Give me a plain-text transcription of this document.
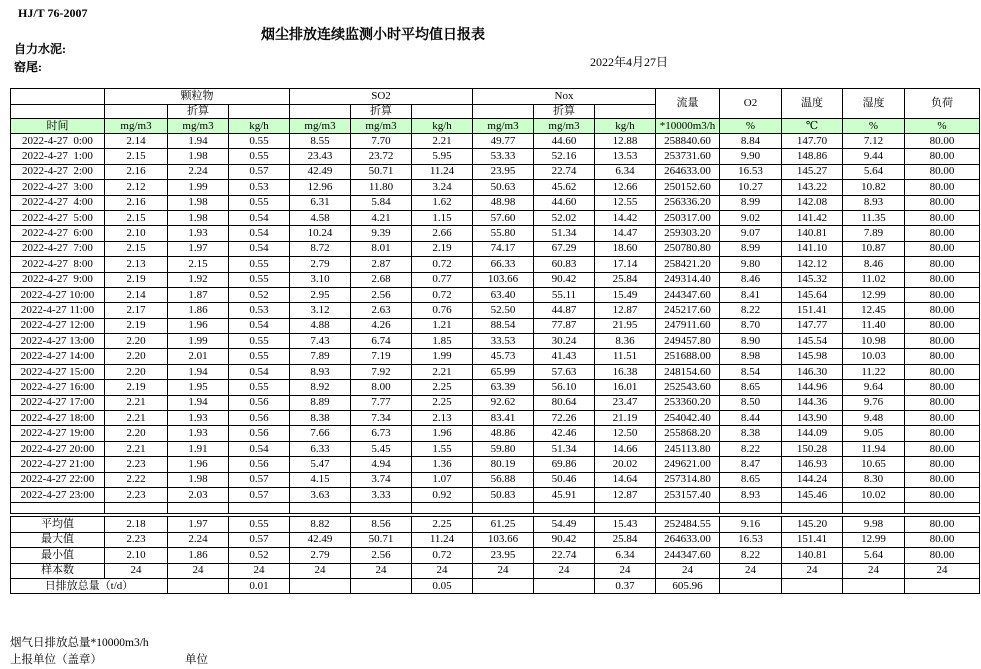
HJ/T 76-2007
烟尘排放连续监测小时平均值日报表
自力水泥:
窑尾:	2022年4月27日
	颗粒物			SO2			Nox			流量	O2	温度	湿度	负荷
		折算			折算			折算						
时间	mg/m3	mg/m3	kg/h	mg/m3	mg/m3	kg/h	mg/m3	mg/m3	kg/h	*10000m3/h	%	℃	%	%
2022-4-27  0:00	2.14	1.94	0.55	8.55	7.70	2.21	49.77	44.60	12.88	258840.60	8.84	147.70	7.12	80.00
2022-4-27  1:00	2.15	1.98	0.55	23.43	23.72	5.95	53.33	52.16	13.53	253731.60	9.90	148.86	9.44	80.00
2022-4-27  2:00	2.16	2.24	0.57	42.49	50.71	11.24	23.95	22.74	6.34	264633.00	16.53	145.27	5.64	80.00
2022-4-27  3:00	2.12	1.99	0.53	12.96	11.80	3.24	50.63	45.62	12.66	250152.60	10.27	143.22	10.82	80.00
2022-4-27  4:00	2.16	1.98	0.55	6.31	5.84	1.62	48.98	44.60	12.55	256336.20	8.99	142.08	8.93	80.00
2022-4-27  5:00	2.15	1.98	0.54	4.58	4.21	1.15	57.60	52.02	14.42	250317.00	9.02	141.42	11.35	80.00
2022-4-27  6:00	2.10	1.93	0.54	10.24	9.39	2.66	55.80	51.34	14.47	259303.20	9.07	140.81	7.89	80.00
2022-4-27  7:00	2.15	1.97	0.54	8.72	8.01	2.19	74.17	67.29	18.60	250780.80	8.99	141.10	10.87	80.00
2022-4-27  8:00	2.13	2.15	0.55	2.79	2.87	0.72	66.33	60.83	17.14	258421.20	9.80	142.12	8.46	80.00
2022-4-27  9:00	2.19	1.92	0.55	3.10	2.68	0.77	103.66	90.42	25.84	249314.40	8.46	145.32	11.02	80.00
2022-4-27 10:00	2.14	1.87	0.52	2.95	2.56	0.72	63.40	55.11	15.49	244347.60	8.41	145.64	12.99	80.00
2022-4-27 11:00	2.17	1.86	0.53	3.12	2.63	0.76	52.50	44.87	12.87	245217.60	8.22	151.41	12.45	80.00
2022-4-27 12:00	2.19	1.96	0.54	4.88	4.26	1.21	88.54	77.87	21.95	247911.60	8.70	147.77	11.40	80.00
2022-4-27 13:00	2.20	1.99	0.55	7.43	6.74	1.85	33.53	30.24	8.36	249457.80	8.90	145.54	10.98	80.00
2022-4-27 14:00	2.20	2.01	0.55	7.89	7.19	1.99	45.73	41.43	11.51	251688.00	8.98	145.98	10.03	80.00
2022-4-27 15:00	2.20	1.94	0.54	8.93	7.92	2.21	65.99	57.63	16.38	248154.60	8.54	146.30	11.22	80.00
2022-4-27 16:00	2.19	1.95	0.55	8.92	8.00	2.25	63.39	56.10	16.01	252543.60	8.65	144.96	9.64	80.00
2022-4-27 17:00	2.21	1.94	0.56	8.89	7.77	2.25	92.62	80.64	23.47	253360.20	8.50	144.36	9.76	80.00
2022-4-27 18:00	2.21	1.93	0.56	8.38	7.34	2.13	83.41	72.26	21.19	254042.40	8.44	143.90	9.48	80.00
2022-4-27 19:00	2.20	1.93	0.56	7.66	6.73	1.96	48.86	42.46	12.50	255868.20	8.38	144.09	9.05	80.00
2022-4-27 20:00	2.21	1.91	0.54	6.33	5.45	1.55	59.80	51.34	14.66	245113.80	8.22	150.28	11.94	80.00
2022-4-27 21:00	2.23	1.96	0.56	5.47	4.94	1.36	80.19	69.86	20.02	249621.00	8.47	146.93	10.65	80.00
2022-4-27 22:00	2.22	1.98	0.57	4.15	3.74	1.07	56.88	50.46	14.64	257314.80	8.65	144.24	8.30	80.00
2022-4-27 23:00	2.23	2.03	0.57	3.63	3.33	0.92	50.83	45.91	12.87	253157.40	8.93	145.46	10.02	80.00

平均值	2.18	1.97	0.55	8.82	8.56	2.25	61.25	54.49	15.43	252484.55	9.16	145.20	9.98	80.00
最大值	2.23	2.24	0.57	42.49	50.71	11.24	103.66	90.42	25.84	264633.00	16.53	151.41	12.99	80.00
最小值	2.10	1.86	0.52	2.79	2.56	0.72	23.95	22.74	6.34	244347.60	8.22	140.81	5.64	80.00
样本数	24	24	24	24	24	24	24	24	24	24	24	24	24	24
日排放总量（t/d）			0.01			0.05			0.37	605.96				
烟气日排放总量*10000m3/h
上报单位（盖章）	单位
